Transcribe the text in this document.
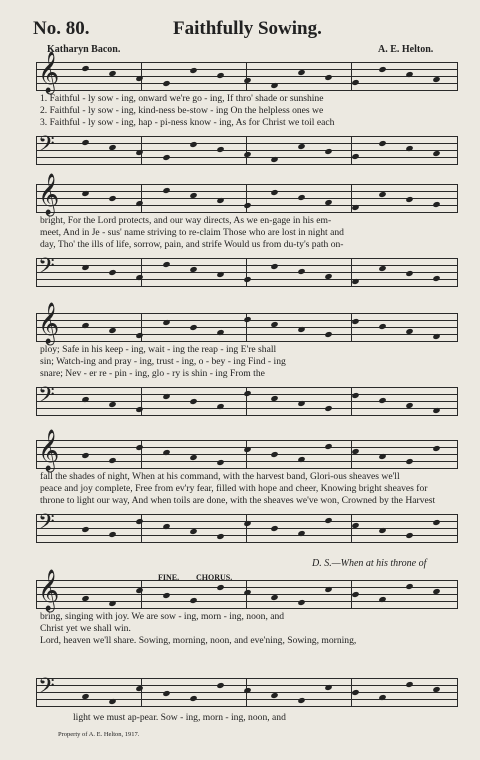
No. 80.	Faithfully Sowing.
Katharyn Bacon.	A. E. Helton.
𝄞
𝄢
1. Faithful - ly sow - ing, onward we're go - ing, If thro' shade or sunshine
2. Faithful - ly sow - ing, kind-ness be-stow - ing On the helpless ones we
3. Faithful - ly sow - ing, hap - pi-ness know - ing, As for Christ we toil each
𝄞
𝄢
bright, For the Lord protects, and our way directs, As we en-gage in his em-
meet, And in Je - sus' name striving to re-claim Those who are lost in night and
day, Tho' the ills of life, sorrow, pain, and strife Would us from du-ty's path on-
𝄞
𝄢
ploy; Safe in his keep - ing, wait - ing the reap - ing E're shall
sin; Watch-ing and pray - ing, trust - ing, o - bey - ing Find - ing
snare; Nev - er re - pin - ing, glo - ry is shin - ing From the
𝄞
𝄢
fall the shades of night, When at his command, with the harvest band, Glori-ous sheaves we'll
peace and joy complete, Free from ev'ry fear, filled with hope and cheer, Knowing bright sheaves for
throne to light our way, And when toils are done, with the sheaves we've won, Crowned by the Harvest
𝄞
𝄢
bring, singing with joy. We are sow - ing, morn - ing, noon, and
Christ yet we shall win.
Lord, heaven we'll share. Sowing, morning, noon, and eve'ning, Sowing, morning,
D. S.—When at his throne of
FINE. CHORUS.
light we must ap-pear. Sow - ing, morn - ing, noon, and
Property of A. E. Helton, 1917.
